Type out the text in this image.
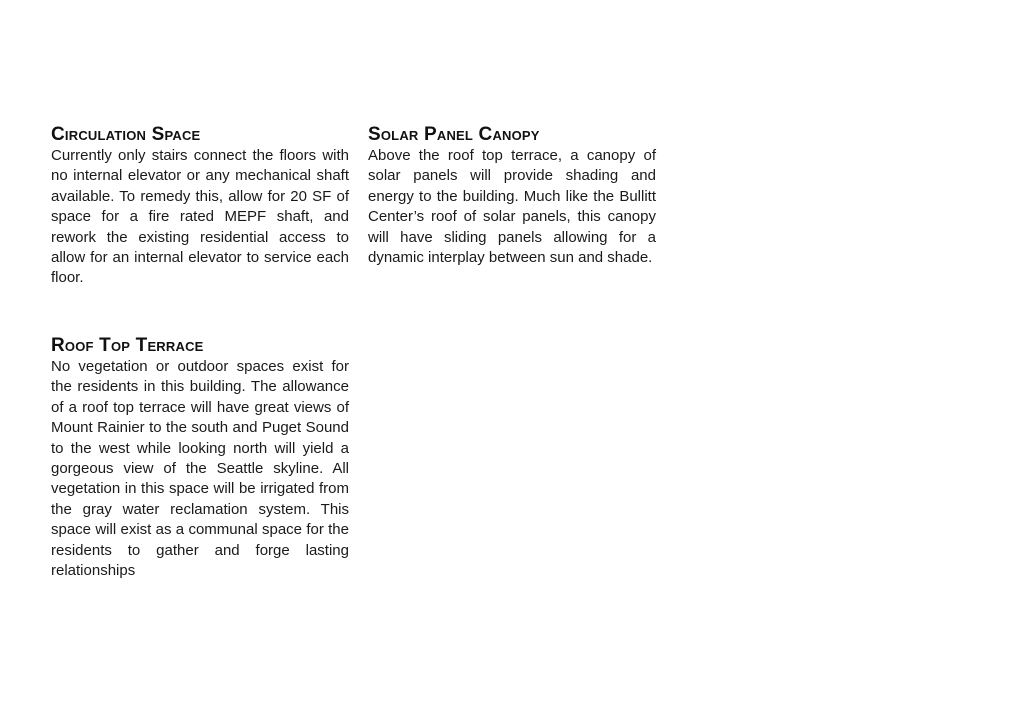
Circulation Space

Currently only stairs connect the floors with no internal elevator or any mechanical shaft available. To remedy this, allow for 20 SF of space for a fire rated MEPF shaft, and rework the existing residential access to allow for an internal elevator to service each floor.

Roof Top Terrace

No vegetation or outdoor spaces exist for the residents in this building. The allowance of a roof top terrace will have great views of Mount Rainier to the south and Puget Sound to the west while looking north will yield a gorgeous view of the Seattle skyline. All vegetation in this space will be irrigated from the gray water reclamation system. This space will exist as a communal space for the residents to gather and forge lasting relationships

Solar Panel Canopy

Above the roof top terrace, a canopy of solar panels will provide shading and energy to the building. Much like the Bullitt Center’s roof of solar panels, this canopy will have sliding panels allowing for a dynamic interplay between sun and shade.
